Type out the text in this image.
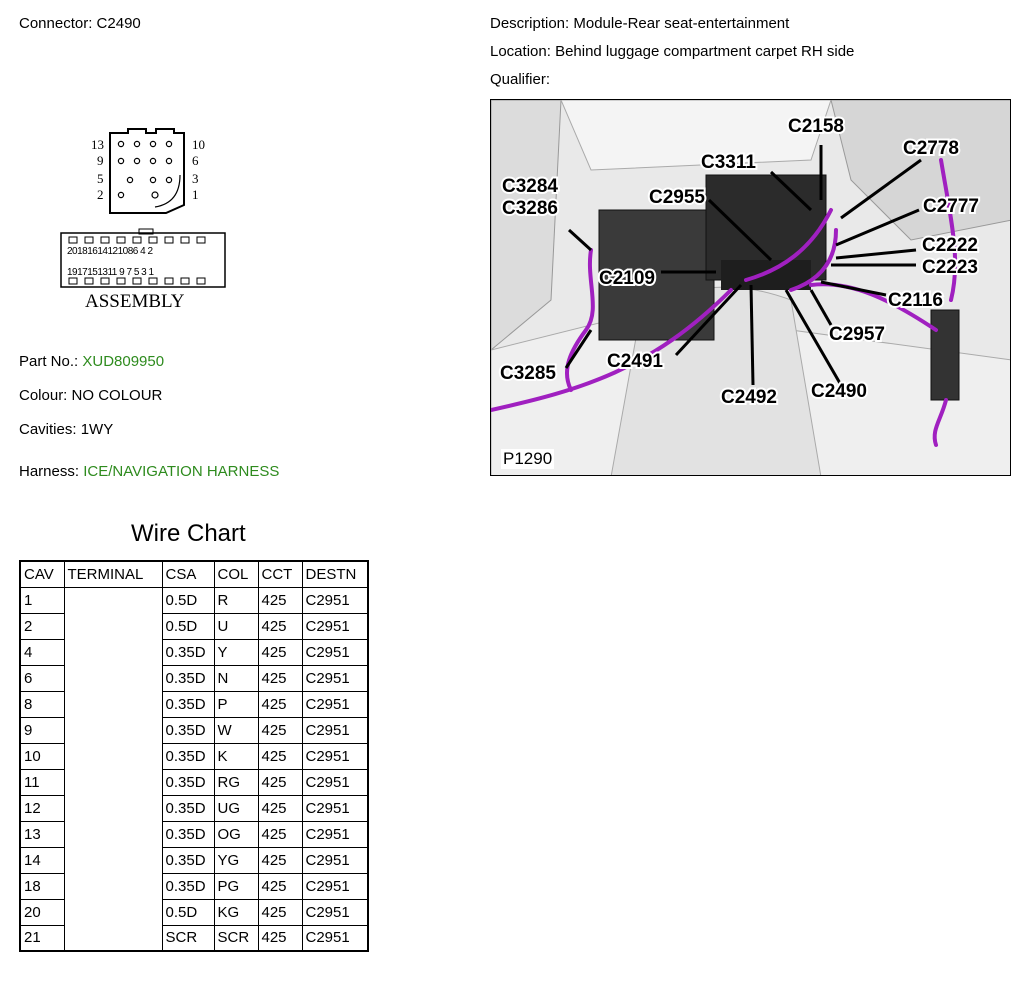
Connector: C2490	Description: Module-Rear seat-entertainment
Location: Behind luggage compartment carpet RH side
Qualifier:
13
9
5
2
10
6
3
1
20181614121086 4 2
1917151311 9 7 5 3 1
ASSEMBLY
Part No.: XUD809950
Colour: NO COLOUR
Cavities: 1WY
Harness: ICE/NAVIGATION HARNESS
C2158
C3311
C2778
C3284
C3286
C2955	C2777
C2222
C2223
C2109
C2116
C2957
C2491
C3285
C2490
C2492
P1290
Wire Chart
CAV	TERMINAL	CSA	COL	CCT	DESTN
1		0.5D	R	425	C2951
2		0.5D	U	425	C2951
4		0.35D	Y	425	C2951
6		0.35D	N	425	C2951
8		0.35D	P	425	C2951
9		0.35D	W	425	C2951
10		0.35D	K	425	C2951
11		0.35D	RG	425	C2951
12		0.35D	UG	425	C2951
13		0.35D	OG	425	C2951
14		0.35D	YG	425	C2951
18		0.35D	PG	425	C2951
20		0.5D	KG	425	C2951
21		SCR	SCR	425	C2951
